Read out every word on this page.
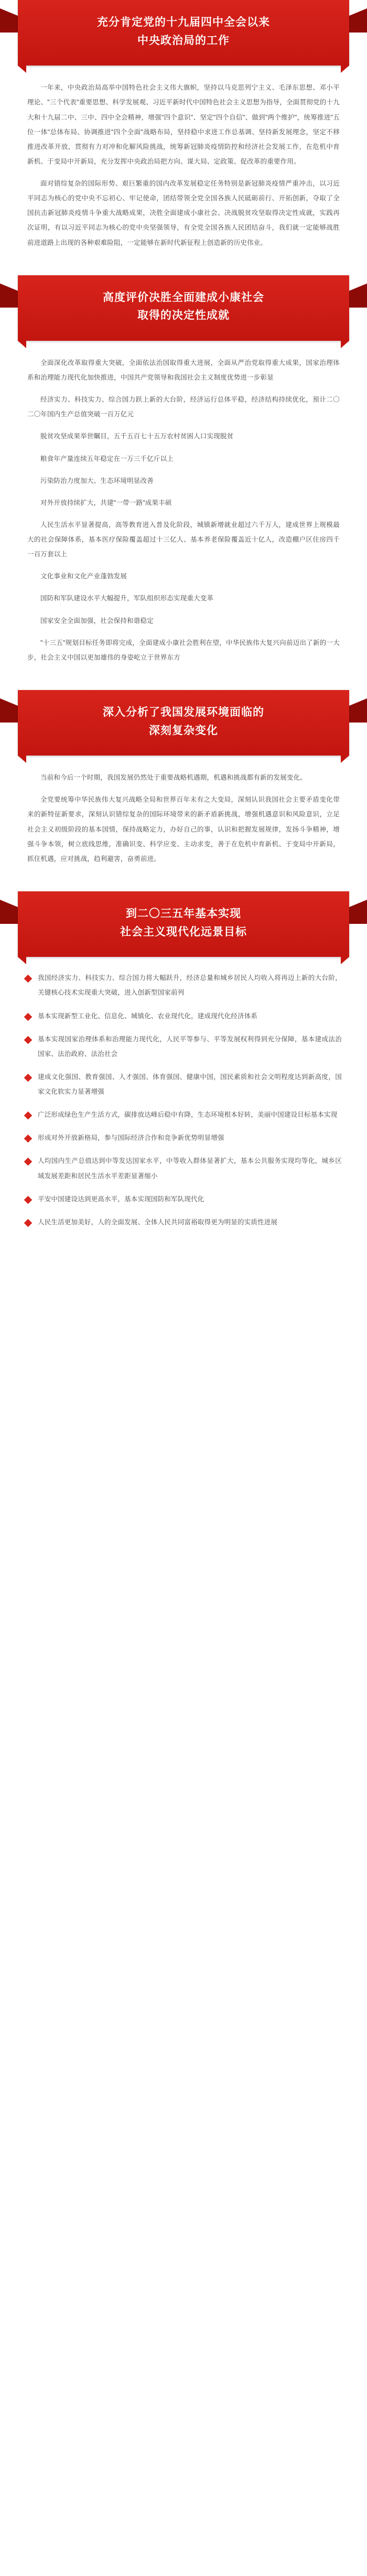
充分肯定党的十九届四中全会以来
中央政治局的工作

一年来，中央政治局高举中国特色社会主义伟大旗帜，坚持以马克思列宁主义、毛泽东思想、邓小平理论、"三个代表"重要思想、科学发展观、习近平新时代中国特色社会主义思想为指导，全面贯彻党的十九大和十九届二中、三中、四中全会精神，增强"四个意识"、坚定"四个自信"、做到"两个维护"，统筹推进"五位一体"总体布局、协调推进"四个全面"战略布局，坚持稳中求进工作总基调、坚持新发展理念，坚定不移推进改革开放，贯彻有力对冲和化解风险挑战，统筹新冠肺炎疫情防控和经济社会发展工作，在危机中育新机、于变局中开新局，充分发挥中央政治局把方向、谋大局、定政策、促改革的重要作用。

面对错综复杂的国际形势、艰巨繁重的国内改革发展稳定任务特别是新冠肺炎疫情严重冲击，以习近平同志为核心的党中央不忘初心、牢记使命，团结带领全党全国各族人民砥砺前行、开拓创新，夺取了全国抗击新冠肺炎疫情斗争重大战略成果，决胜全面建成小康社会、决战脱贫攻坚取得决定性成就，实践再次证明，有以习近平同志为核心的党中央坚强领导，有全党全国各族人民团结奋斗，我们就一定能够战胜前进道路上出现的各种艰难险阻，一定能够在新时代新征程上创造新的历史伟业。

高度评价决胜全面建成小康社会
取得的决定性成就

全面深化改革取得重大突破，全面依法治国取得重大进展，全面从严治党取得重大成果，国家治理体系和治理能力现代化加快推进，中国共产党领导和我国社会主义制度优势进一步彰显

经济实力、科技实力、综合国力跃上新的大台阶，经济运行总体平稳，经济结构持续优化，预计二〇二〇年国内生产总值突破一百万亿元

脱贫攻坚成果举世瞩目，五千五百七十五万农村贫困人口实现脱贫

粮食年产量连续五年稳定在一万三千亿斤以上

污染防治力度加大、生态环境明显改善

对外开放持续扩大，共建"一带一路"成果丰硕

人民生活水平显著提高，高等教育进入普及化阶段，城镇新增就业超过六千万人，建成世界上规模最大的社会保障体系，基本医疗保险覆盖超过十三亿人、基本养老保险覆盖近十亿人，改造棚户区住房四千一百万套以上

文化事业和文化产业蓬勃发展

国防和军队建设水平大幅提升，军队组织形态实现重大变革

国家安全全面加强，社会保持和谐稳定

"十三五"规划目标任务即将完成，全面建成小康社会胜利在望，中华民族伟大复兴向前迈出了新的一大步，社会主义中国以更加雄伟的身姿屹立于世界东方

深入分析了我国发展环境面临的
深刻复杂变化

当前和今后一个时期，我国发展仍然处于重要战略机遇期，机遇和挑战都有新的发展变化。

全党要统筹中华民族伟大复兴战略全局和世界百年未有之大变局，深刻认识我国社会主要矛盾变化带来的新特征新要求，深刻认识错综复杂的国际环境带来的新矛盾新挑战，增强机遇意识和风险意识，立足社会主义初级阶段的基本国情，保持战略定力，办好自己的事，认识和把握发展规律，发扬斗争精神，增强斗争本领，树立底线思维，准确识变、科学应变、主动求变，善于在危机中育新机、于变局中开新局，抓住机遇，应对挑战，趋利避害，奋勇前进。

到二〇三五年基本实现
社会主义现代化远景目标
我国经济实力、科技实力、综合国力将大幅跃升，经济总量和城乡居民人均收入将再迈上新的大台阶，关键核心技术实现重大突破，进入创新型国家前列
基本实现新型工业化、信息化、城镇化、农业现代化，建成现代化经济体系
基本实现国家治理体系和治理能力现代化，人民平等参与、平等发展权利得到充分保障，基本建成法治国家、法治政府、法治社会
建成文化强国、教育强国、人才强国、体育强国、健康中国，国民素质和社会文明程度达到新高度，国家文化软实力显著增强
广泛形成绿色生产生活方式，碳排放达峰后稳中有降，生态环境根本好转，美丽中国建设目标基本实现
形成对外开放新格局，参与国际经济合作和竞争新优势明显增强
人均国内生产总值达到中等发达国家水平，中等收入群体显著扩大，基本公共服务实现均等化，城乡区域发展差距和居民生活水平差距显著缩小
平安中国建设达到更高水平，基本实现国防和军队现代化
人民生活更加美好，人的全面发展、全体人民共同富裕取得更为明显的实质性进展
